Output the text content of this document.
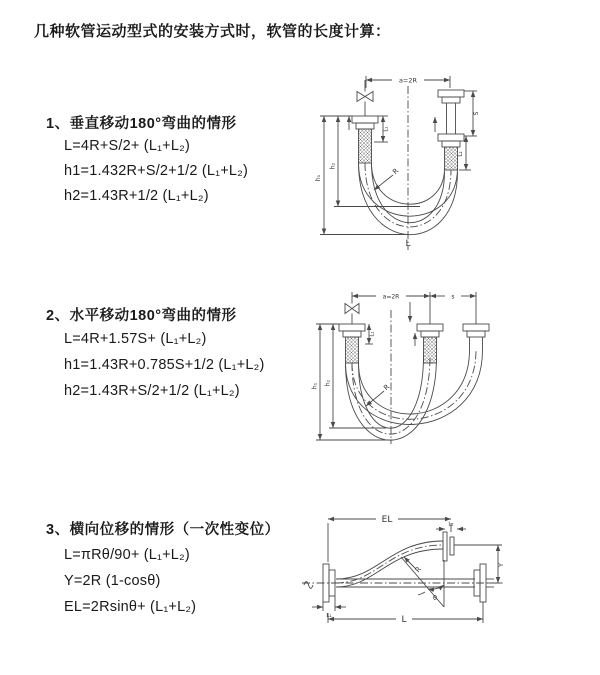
几种软管运动型式的安装方式时，软管的长度计算：
1、垂直移动180°弯曲的情形
L=4R+S/2+ (L₁+L₂)
h1=1.432R+S/2+1/2 (L₁+L₂)
h2=1.43R+1/2 (L₁+L₂)
2、水平移动180°弯曲的情形
L=4R+1.57S+ (L₁+L₂)
h1=1.43R+0.785S+1/2 (L₁+L₂)
h2=1.43R+S/2+1/2 (L₁+L₂)
3、横向位移的情形（一次性变位）
L=πRθ/90+ (L₁+L₂)
Y=2R (1-cosθ)
EL=2Rsinθ+ (L₁+L₂)
a=2R
h₁
h₂
L₁
S
L₂
R
L
a=2R	s
h₁ h₂
L₁
R
EL	L₂
θ
R
Y
L₁	L
